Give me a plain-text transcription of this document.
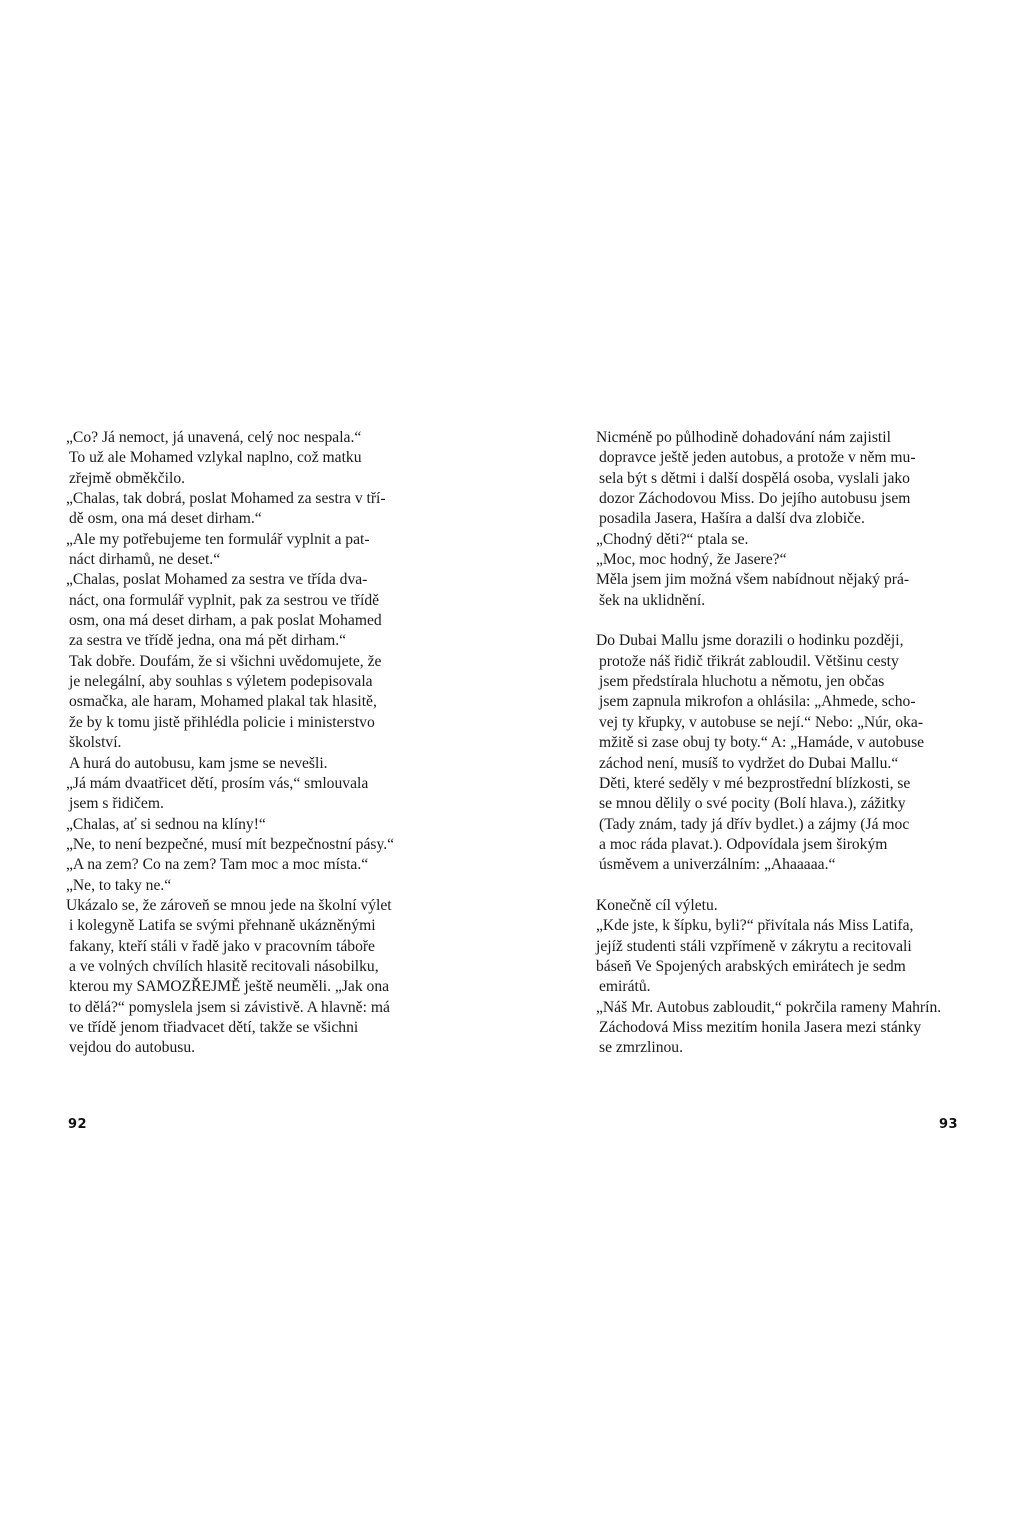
„Co? Já nemoct, já unavená, celý noc nespala.“
To už ale Mohamed vzlykal naplno, což matku
zřejmě obměkčilo.
„Chalas, tak dobrá, poslat Mohamed za sestra v tří-
dě osm, ona má deset dirham.“
„Ale my potřebujeme ten formulář vyplnit a pat-
náct dirhamů, ne deset.“
„Chalas, poslat Mohamed za sestra ve třída dva-
náct, ona formulář vyplnit, pak za sestrou ve třídě
osm, ona má deset dirham, a pak poslat Mohamed
za sestra ve třídě jedna, ona má pět dirham.“
Tak dobře. Doufám, že si všichni uvědomujete, že
je nelegální, aby souhlas s výletem podepisovala
osmačka, ale haram, Mohamed plakal tak hlasitě,
že by k tomu jistě přihlédla policie i ministerstvo
školství.
A hurá do autobusu, kam jsme se nevešli.
„Já mám dvaatřicet dětí, prosím vás,“ smlouvala
jsem s řidičem.
„Chalas, ať si sednou na klíny!“
„Ne, to není bezpečné, musí mít bezpečnostní pásy.“
„A na zem? Co na zem? Tam moc a moc místa.“
„Ne, to taky ne.“
Ukázalo se, že zároveň se mnou jede na školní výlet
i kolegyně Latifa se svými přehnaně ukázněnými
fakany, kteří stáli v řadě jako v pracovním táboře
a ve volných chvílích hlasitě recitovali násobilku,
kterou my SAMOZŘEJMĚ ještě neuměli. „Jak ona
to dělá?“ pomyslela jsem si závistivě. A hlavně: má
ve třídě jenom třiadvacet dětí, takže se všichni
vejdou do autobusu.
Nicméně po půlhodině dohadování nám zajistil
dopravce ještě jeden autobus, a protože v něm mu-
sela být s dětmi i další dospělá osoba, vyslali jako
dozor Záchodovou Miss. Do jejího autobusu jsem
posadila Jasera, Hašíra a další dva zlobiče.
„Chodný děti?“ ptala se.
„Moc, moc hodný, že Jasere?“
Měla jsem jim možná všem nabídnout nějaký prá-
šek na uklidnění.
Do Dubai Mallu jsme dorazili o hodinku později,
protože náš řidič třikrát zabloudil. Většinu cesty
jsem předstírala hluchotu a němotu, jen občas
jsem zapnula mikrofon a ohlásila: „Ahmede, scho-
vej ty křupky, v autobuse se nejí.“ Nebo: „Núr, oka-
mžitě si zase obuj ty boty.“ A: „Hamáde, v autobuse
záchod není, musíš to vydržet do Dubai Mallu.“
Děti, které seděly v mé bezprostřední blízkosti, se
se mnou dělily o své pocity (Bolí hlava.), zážitky
(Tady znám, tady já dřív bydlet.) a zájmy (Já moc
a moc ráda plavat.). Odpovídala jsem širokým
úsměvem a univerzálním: „Ahaaaaa.“
Konečně cíl výletu.
„Kde jste, k šípku, byli?“ přivítala nás Miss Latifa,
jejíž studenti stáli vzpřímeně v zákrytu a recitovali
báseň Ve Spojených arabských emirátech je sedm
emirátů.
„Náš Mr. Autobus zabloudit,“ pokrčila rameny Mahrín.
Záchodová Miss mezitím honila Jasera mezi stánky
se zmrzlinou.
92	93
